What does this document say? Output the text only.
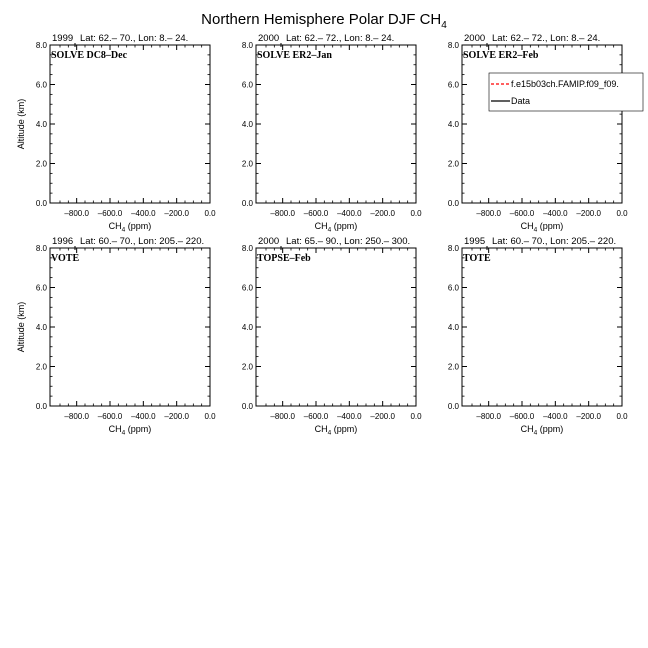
Northern Hemisphere Polar DJF $CH_4$
1999 Lat: 62.– 70., Lon: 8.– 24.
SOLVE DC8–Dec
–800.0 –600.0 –400.0 –200.0 0.0
0.0
2.0
4.0
6.0
8.0
$CH_4$ (ppm)
Altitude (km)
2000 Lat: 62.– 72., Lon: 8.– 24.
SOLVE ER2–Jan
–800.0 –600.0 –400.0 –200.0 0.0
0.0
2.0
4.0
6.0
8.0
$CH_4$ (ppm)
2000 Lat: 62.– 72., Lon: 8.– 24.
SOLVE ER2–Feb
–800.0 –600.0 –400.0 –200.0 0.0
0.0
2.0
4.0
6.0
8.0
$CH_4$ (ppm)
f.e15b03ch.FAMIP.f09_f09.
Data
1996 Lat: 60.– 70., Lon: 205.– 220.
VOTE
–800.0 –600.0 –400.0 –200.0 0.0
0.0
2.0
4.0
6.0
8.0
$CH_4$ (ppm)
Altitude (km)
2000 Lat: 65.– 90., Lon: 250.– 300.
TOPSE–Feb
–800.0 –600.0 –400.0 –200.0 0.0
0.0
2.0
4.0
6.0
8.0
$CH_4$ (ppm)
1995 Lat: 60.– 70., Lon: 205.– 220.
TOTE
–800.0 –600.0 –400.0 –200.0 0.0
0.0
2.0
4.0
6.0
8.0
$CH_4$ (ppm)
